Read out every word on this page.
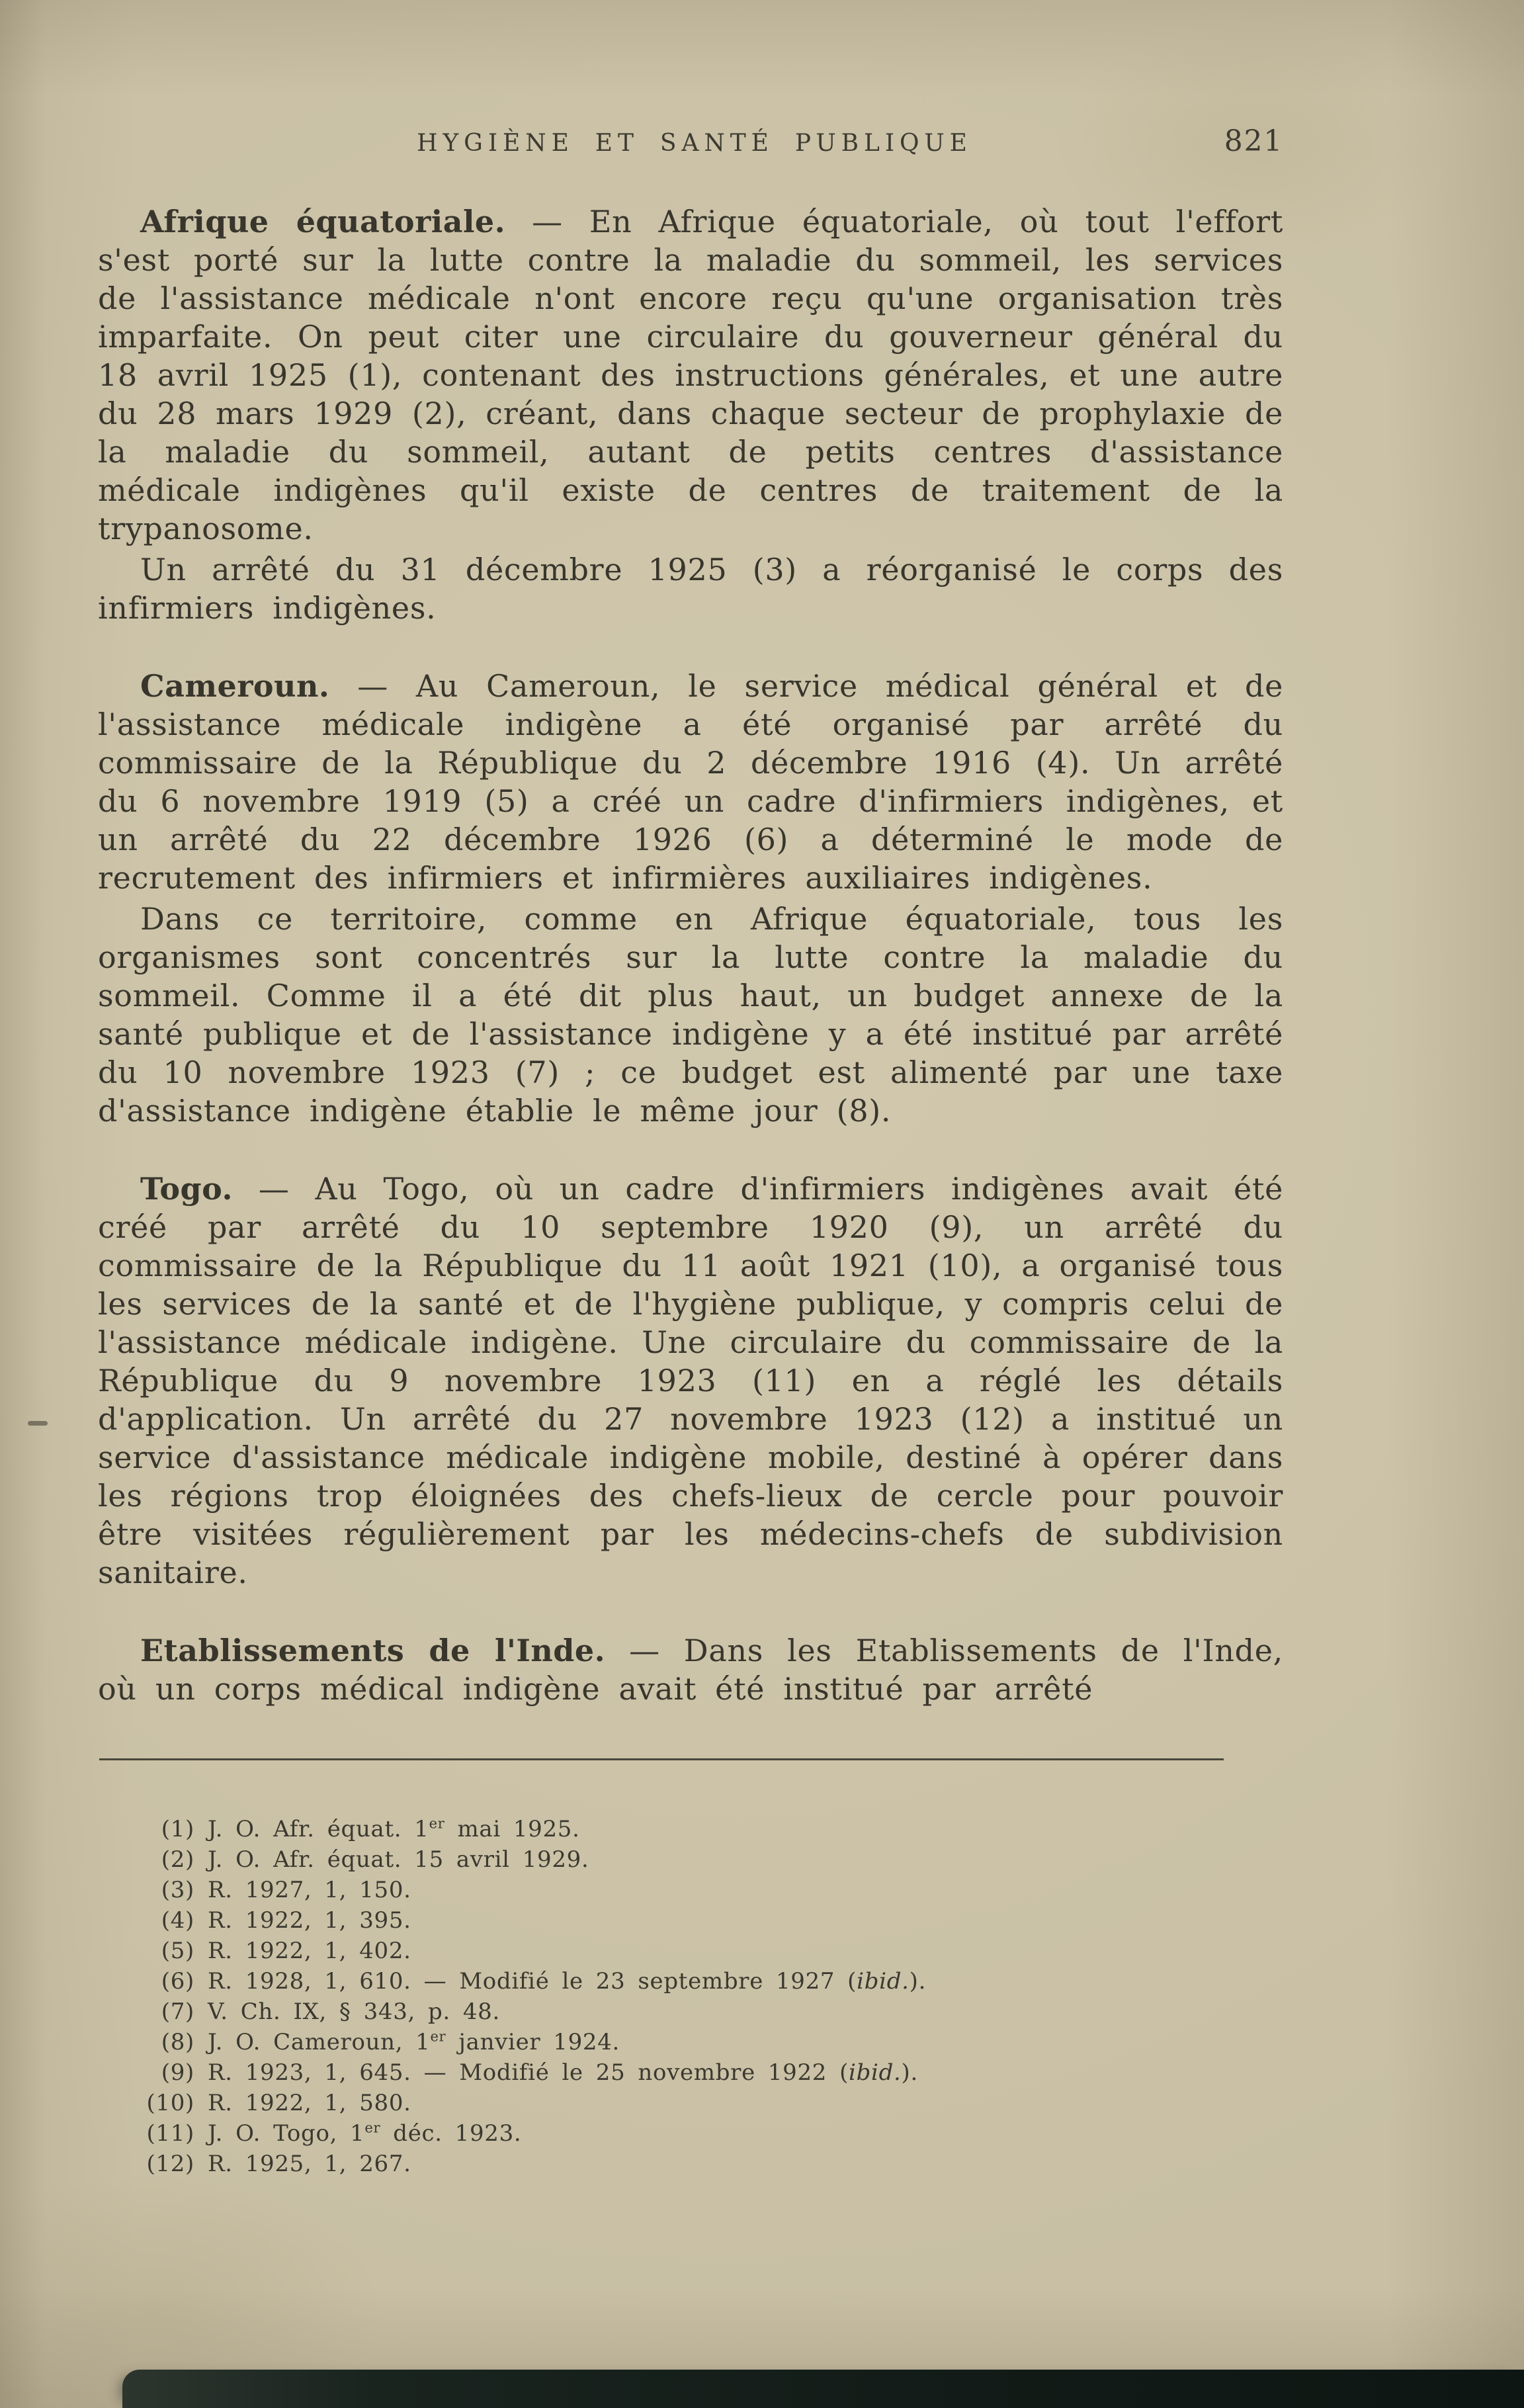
HYGIÈNE ET SANTÉ PUBLIQUE	821

Afrique équatoriale. — En Afrique équatoriale, où tout l'effort s'est porté sur la lutte contre la maladie du sommeil, les services de l'assistance médicale n'ont encore reçu qu'une organisation très imparfaite. On peut citer une circulaire du gouverneur général du 18 avril 1925 (1), contenant des instructions générales, et une autre du 28 mars 1929 (2), créant, dans chaque secteur de prophylaxie de la maladie du sommeil, autant de petits centres d'assistance médicale indigènes qu'il existe de centres de traitement de la trypanosome.

Un arrêté du 31 décembre 1925 (3) a réorganisé le corps des infirmiers indigènes.

Cameroun. — Au Cameroun, le service médical général et de l'assistance médicale indigène a été organisé par arrêté du commissaire de la République du 2 décembre 1916 (4). Un arrêté du 6 novembre 1919 (5) a créé un cadre d'infirmiers indigènes, et un arrêté du 22 décembre 1926 (6) a déterminé le mode de recrutement des infirmiers et infirmières auxiliaires indigènes.

Dans ce territoire, comme en Afrique équatoriale, tous les organismes sont concentrés sur la lutte contre la maladie du sommeil. Comme il a été dit plus haut, un budget annexe de la santé publique et de l'assistance indigène y a été institué par arrêté du 10 novembre 1923 (7) ; ce budget est alimenté par une taxe d'assistance indigène établie le même jour (8).

Togo. — Au Togo, où un cadre d'infirmiers indigènes avait été créé par arrêté du 10 septembre 1920 (9), un arrêté du commissaire de la République du 11 août 1921 (10), a organisé tous les services de la santé et de l'hygiène publique, y compris celui de l'assistance médicale indigène. Une circulaire du commissaire de la République du 9 novembre 1923 (11) en a réglé les détails d'application. Un arrêté du 27 novembre 1923 (12) a institué un service d'assistance médicale indigène mobile, destiné à opérer dans les régions trop éloignées des chefs-lieux de cercle pour pouvoir être visitées régulièrement par les médecins-chefs de subdivision sanitaire.

Etablissements de l'Inde. — Dans les Etablissements de l'Inde, où un corps médical indigène avait été institué par arrêté

(1) J. O. Afr. équat. 1er mai 1925.
(2) J. O. Afr. équat. 15 avril 1929.
(3) R. 1927, 1, 150.
(4) R. 1922, 1, 395.
(5) R. 1922, 1, 402.
(6) R. 1928, 1, 610. — Modifié le 23 septembre 1927 (ibid.).
(7) V. Ch. IX, § 343, p. 48.
(8) J. O. Cameroun, 1er janvier 1924.
(9) R. 1923, 1, 645. — Modifié le 25 novembre 1922 (ibid.).
(10) R. 1922, 1, 580.
(11) J. O. Togo, 1er déc. 1923.
(12) R. 1925, 1, 267.
